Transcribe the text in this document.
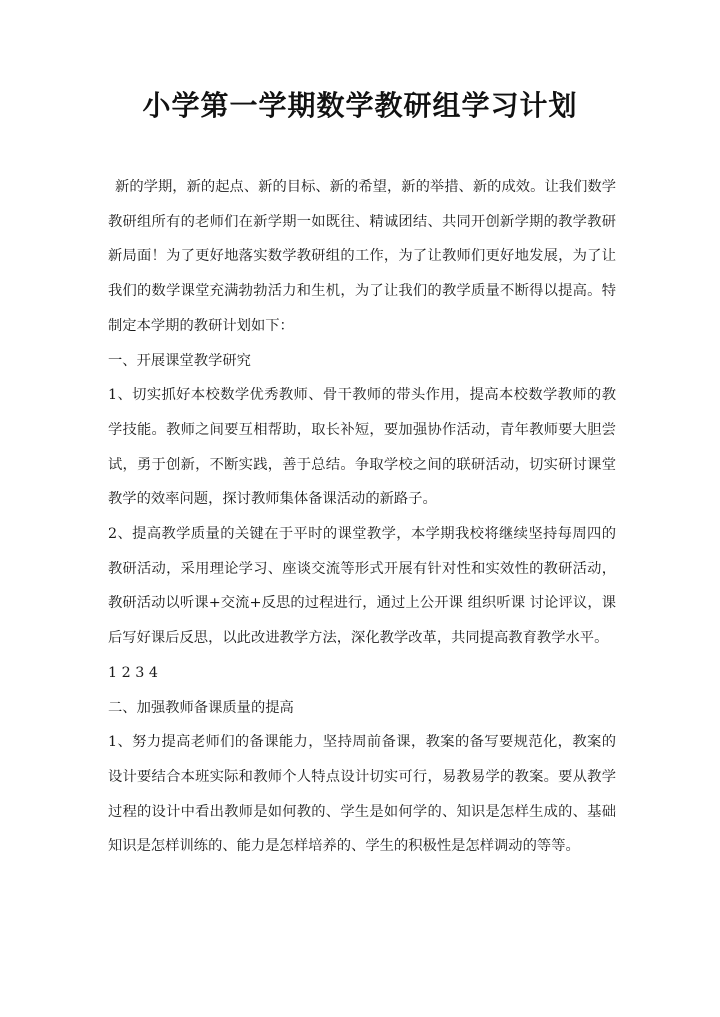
小学第一学期数学教研组学习计划

新的学期，新的起点、新的目标、新的希望，新的举措、新的成效。让我们数学教研组所有的老师们在新学期一如既往、精诚团结、共同开创新学期的教学教研新局面！为了更好地落实数学教研组的工作，为了让教师们更好地发展，为了让我们的数学课堂充满勃勃活力和生机，为了让我们的教学质量不断得以提高。特制定本学期的教研计划如下：

一、开展课堂教学研究

1、切实抓好本校数学优秀教师、骨干教师的带头作用，提高本校数学教师的教学技能。教师之间要互相帮助，取长补短，要加强协作活动，青年教师要大胆尝试，勇于创新，不断实践，善于总结。争取学校之间的联研活动，切实研讨课堂教学的效率问题，探讨教师集体备课活动的新路子。

2、提高教学质量的关键在于平时的课堂教学，本学期我校将继续坚持每周四的教研活动，采用理论学习、座谈交流等形式开展有针对性和实效性的教研活动，教研活动以听课+交流+反思的过程进行，通过上公开课 组织听课 讨论评议，课后写好课后反思，以此改进教学方法，深化教学改革，共同提高教育教学水平。

1 2 3 4

二、加强教师备课质量的提高

1、努力提高老师们的备课能力，坚持周前备课，教案的备写要规范化，教案的设计要结合本班实际和教师个人特点设计切实可行，易教易学的教案。要从教学过程的设计中看出教师是如何教的、学生是如何学的、知识是怎样生成的、基础知识是怎样训练的、能力是怎样培养的、学生的积极性是怎样调动的等等。
